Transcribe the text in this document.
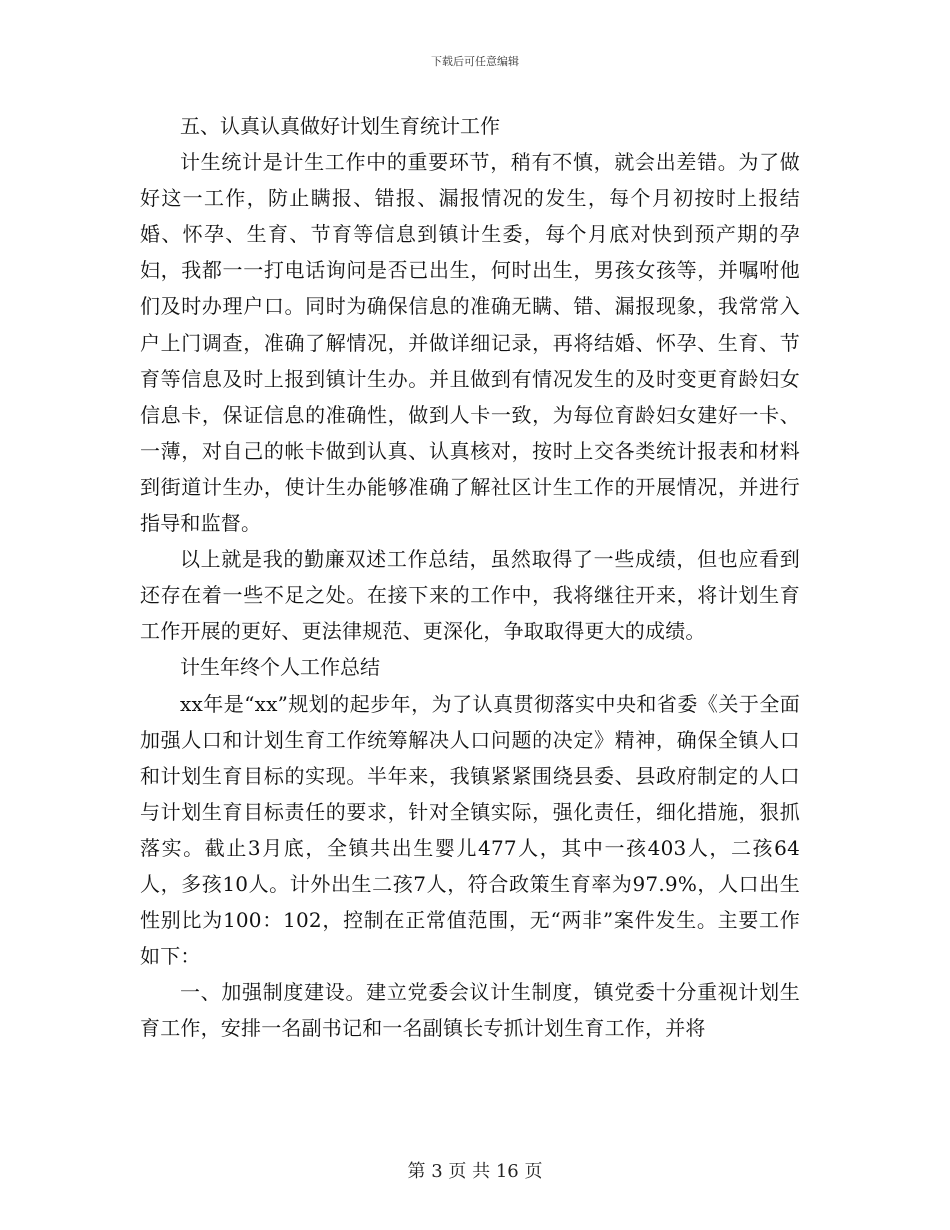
下载后可任意编辑

五、认真认真做好计划生育统计工作

计生统计是计生工作中的重要环节，稍有不慎，就会出差错。为了做好这一工作，防止瞒报、错报、漏报情况的发生，每个月初按时上报结婚、怀孕、生育、节育等信息到镇计生委，每个月底对快到预产期的孕妇，我都一一打电话询问是否已出生，何时出生，男孩女孩等，并嘱咐他们及时办理户口。同时为确保信息的准确无瞒、错、漏报现象，我常常入户上门调查，准确了解情况，并做详细记录，再将结婚、怀孕、生育、节育等信息及时上报到镇计生办。并且做到有情况发生的及时变更育龄妇女信息卡，保证信息的准确性，做到人卡一致，为每位育龄妇女建好一卡、一薄，对自己的帐卡做到认真、认真核对，按时上交各类统计报表和材料到街道计生办，使计生办能够准确了解社区计生工作的开展情况，并进行指导和监督。

以上就是我的勤廉双述工作总结，虽然取得了一些成绩，但也应看到还存在着一些不足之处。在接下来的工作中，我将继往开来，将计划生育工作开展的更好、更法律规范、更深化，争取取得更大的成绩。

计生年终个人工作总结

xx年是“xx”规划的起步年，为了认真贯彻落实中央和省委《关于全面加强人口和计划生育工作统筹解决人口问题的决定》精神，确保全镇人口和计划生育目标的实现。半年来，我镇紧紧围绕县委、县政府制定的人口与计划生育目标责任的要求，针对全镇实际，强化责任，细化措施，狠抓落实。截止3月底，全镇共出生婴儿477人，其中一孩403人，二孩64人，多孩10人。计外出生二孩7人，符合政策生育率为97.9%，人口出生性别比为100：102，控制在正常值范围，无“两非”案件发生。主要工作如下：

一、加强制度建设。建立党委会议计生制度，镇党委十分重视计划生育工作，安排一名副书记和一名副镇长专抓计划生育工作，并将

第 3 页 共 16 页
